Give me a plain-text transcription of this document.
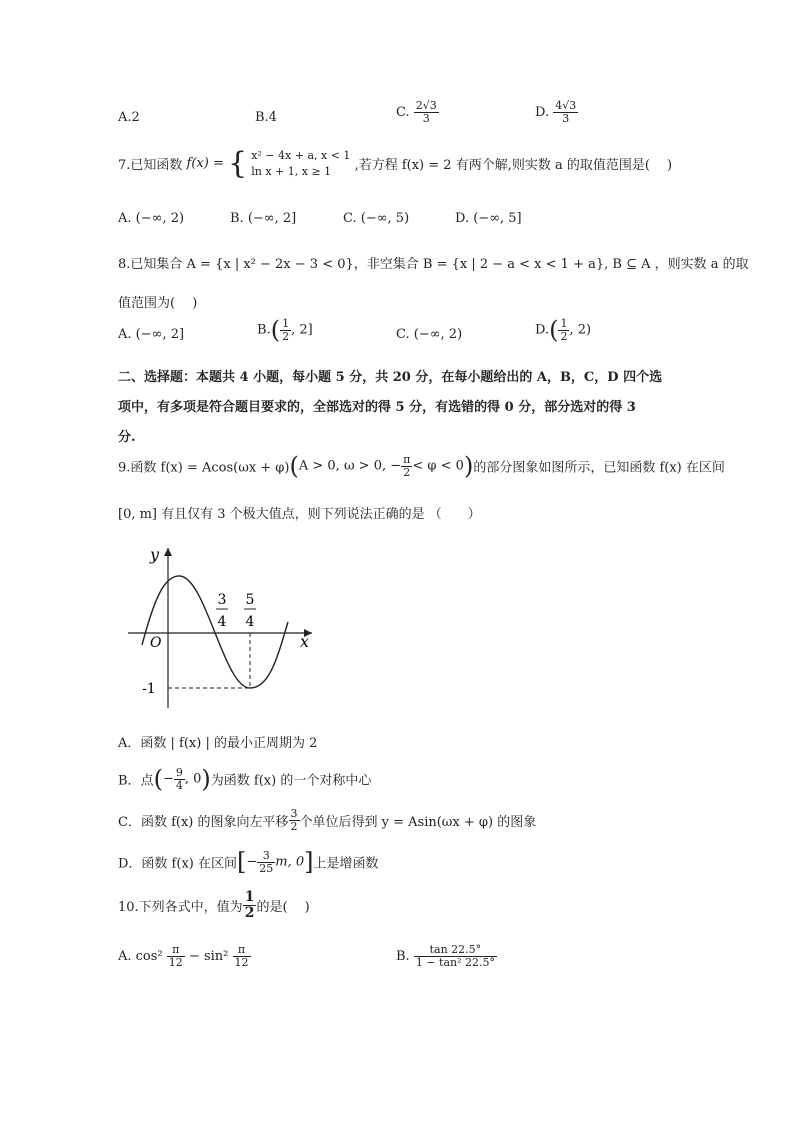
A.2	B.4	C. $\frac{2√3}{3}$	D. $\frac{4√3}{3}$
7.已知函数 f(x) = { x² − 4x + a, x < 1
ln x + 1, x ≥ 1	,若方程 f(x) = 2 有两个解,则实数 a 的取值范围是(　 )
A. (−∞, 2)	B. (−∞, 2]	C. (−∞, 5)	D. (−∞, 5]
8.已知集合 A = {x | x² − 2x − 3 < 0}，非空集合 B = {x | 2 − a < x < 1 + a}, B ⊆ A ，则实数 a 的取
值范围为(　 )
A. (−∞, 2]	$B.( \frac{1}{2}$ , 2]	C. (−∞, 2)	$D.( \frac{1}{2}$ , 2)
二、选择题：本题共 4 小题，每小题 5 分，共 20 分，在每小题给出的 A，B，C，D 四个选
项中，有多项是符合题目要求的，全部选对的得 5 分，有选错的得 0 分，部分选对的得 3
分.
9.函数 f(x) = Acos(ωx + φ)(A > 0, ω > 0, − $\frac{\pi}{2} < \varphi < 0$)的部分图象如图所示，已知函数 f(x) 在区间
[0, m] 有且仅有 3 个极大值点，则下列说法正确的是 （　　）
y
x
O
-1
3
4
5
4
A．函数 | f(x) | 的最小正周期为 2
B．点(− $\frac{9}{4}$ , 0)为函数 f(x) 的一个对称中心
C．函数 f(x) 的图象向左平移 $\frac{3}{2}$ 个单位后得到 y = Asin(ωx + φ) 的图象
D．函数 f(x) 在区间[− $\frac{3}{25} m$, 0]上是增函数
10.下列各式中，值为 $\frac{1}{2}$ 的是(　 )
A. $\cos^2 \frac{\pi}{12} - \sin^2 \frac{\pi}{12}$	B. $\frac{\tan 22.5^\circ}{\text{1 − tan² 22.5°}}$
